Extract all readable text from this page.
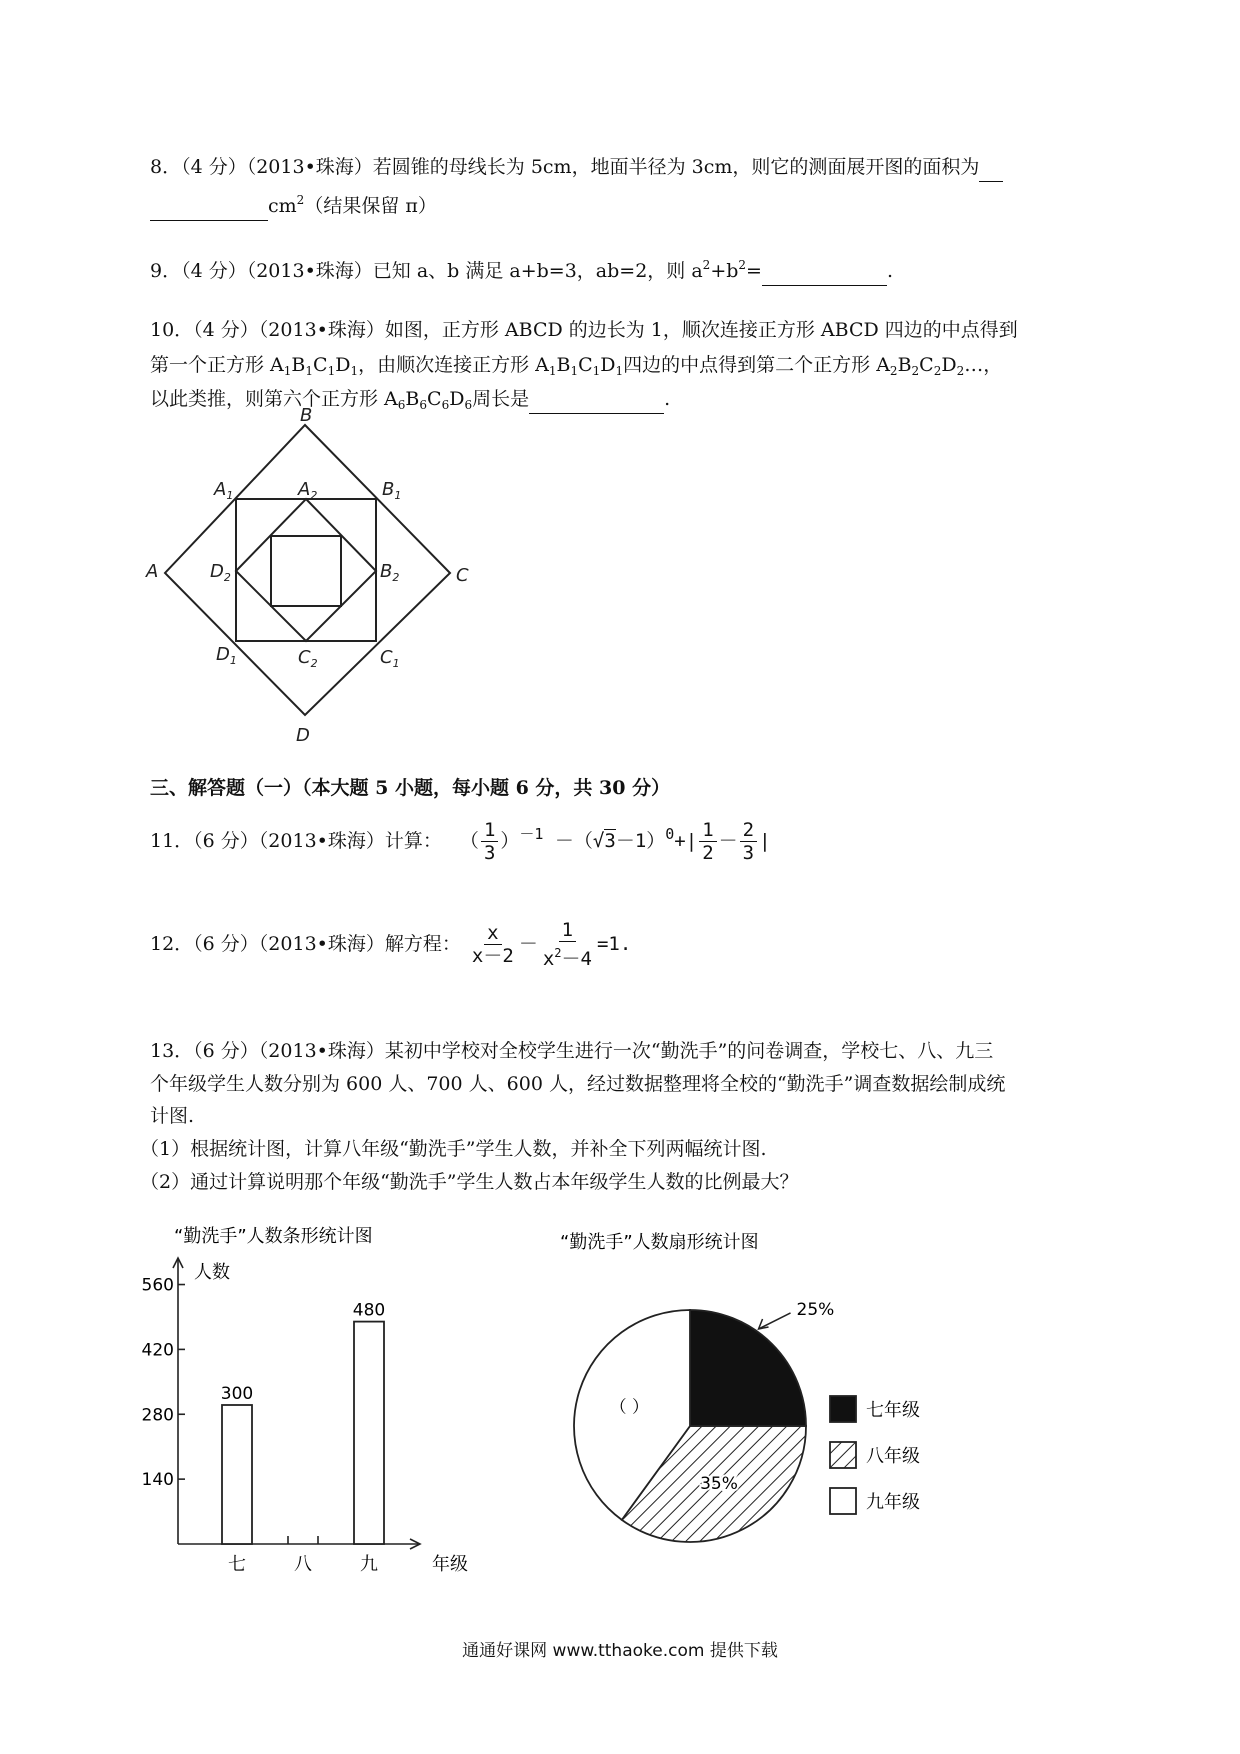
8．（4 分）（2013•珠海）若圆锥的母线长为 5cm，地面半径为 3cm，则它的测面展开图的面积为
$cm^2$（结果保留 π）
9．（4 分）（2013•珠海）已知 a、b 满足 a+b=3，ab=2，则 $a^2+b^2=$	.
10．（4 分）（2013•珠海）如图，正方形 ABCD 的边长为 1，顺次连接正方形 ABCD 四边的中点得到
第一个正方形 $A_1B_1C_1D_1$，由顺次连接正方形 $A_1B_1C_1D_1$四边的中点得到第二个正方形 $A_2B_2C_2D_2\dots$，
以此类推，则第六个正方形 $A_6B_6C_6D_6$周长是	.
B
$A_1$	$A_2$	$B_1$
A	$D_2$	$B_2$	C
$D_1$	$C_2$	$C_1$
D
三、解答题（一）（本大题 5 小题，每小题 6 分，共 30 分）
11．（6 分）（2013•珠海）计算： （ $\frac{1}{3} )^{-1} -(√3-1)^0+| \frac{1}{2} - \frac{2}{3}$ |
12．（6 分）（2013•珠海）解方程： $\frac{x}{x-2} - \frac{1}{x^2-4} =1$.
13．（6 分）（2013•珠海）某初中学校对全校学生进行一次“勤洗手”的问卷调查，学校七、八、九三
个年级学生人数分别为 600 人、700 人、600 人，经过数据整理将全校的“勤洗手”调查数据绘制成统
计图.
（1）根据统计图，计算八年级“勤洗手”学生人数，并补全下列两幅统计图.
（2）通过计算说明那个年级“勤洗手”学生人数占本年级学生人数的比例最大？
“勤洗手”人数条形统计图
人数
140
280
420
560
300
七	八
480
九	年级
“勤洗手”人数扇形统计图
25%
35%
（ ）	七年级
八年级
九年级
通通好课网 www.tthaoke.com 提供下载
